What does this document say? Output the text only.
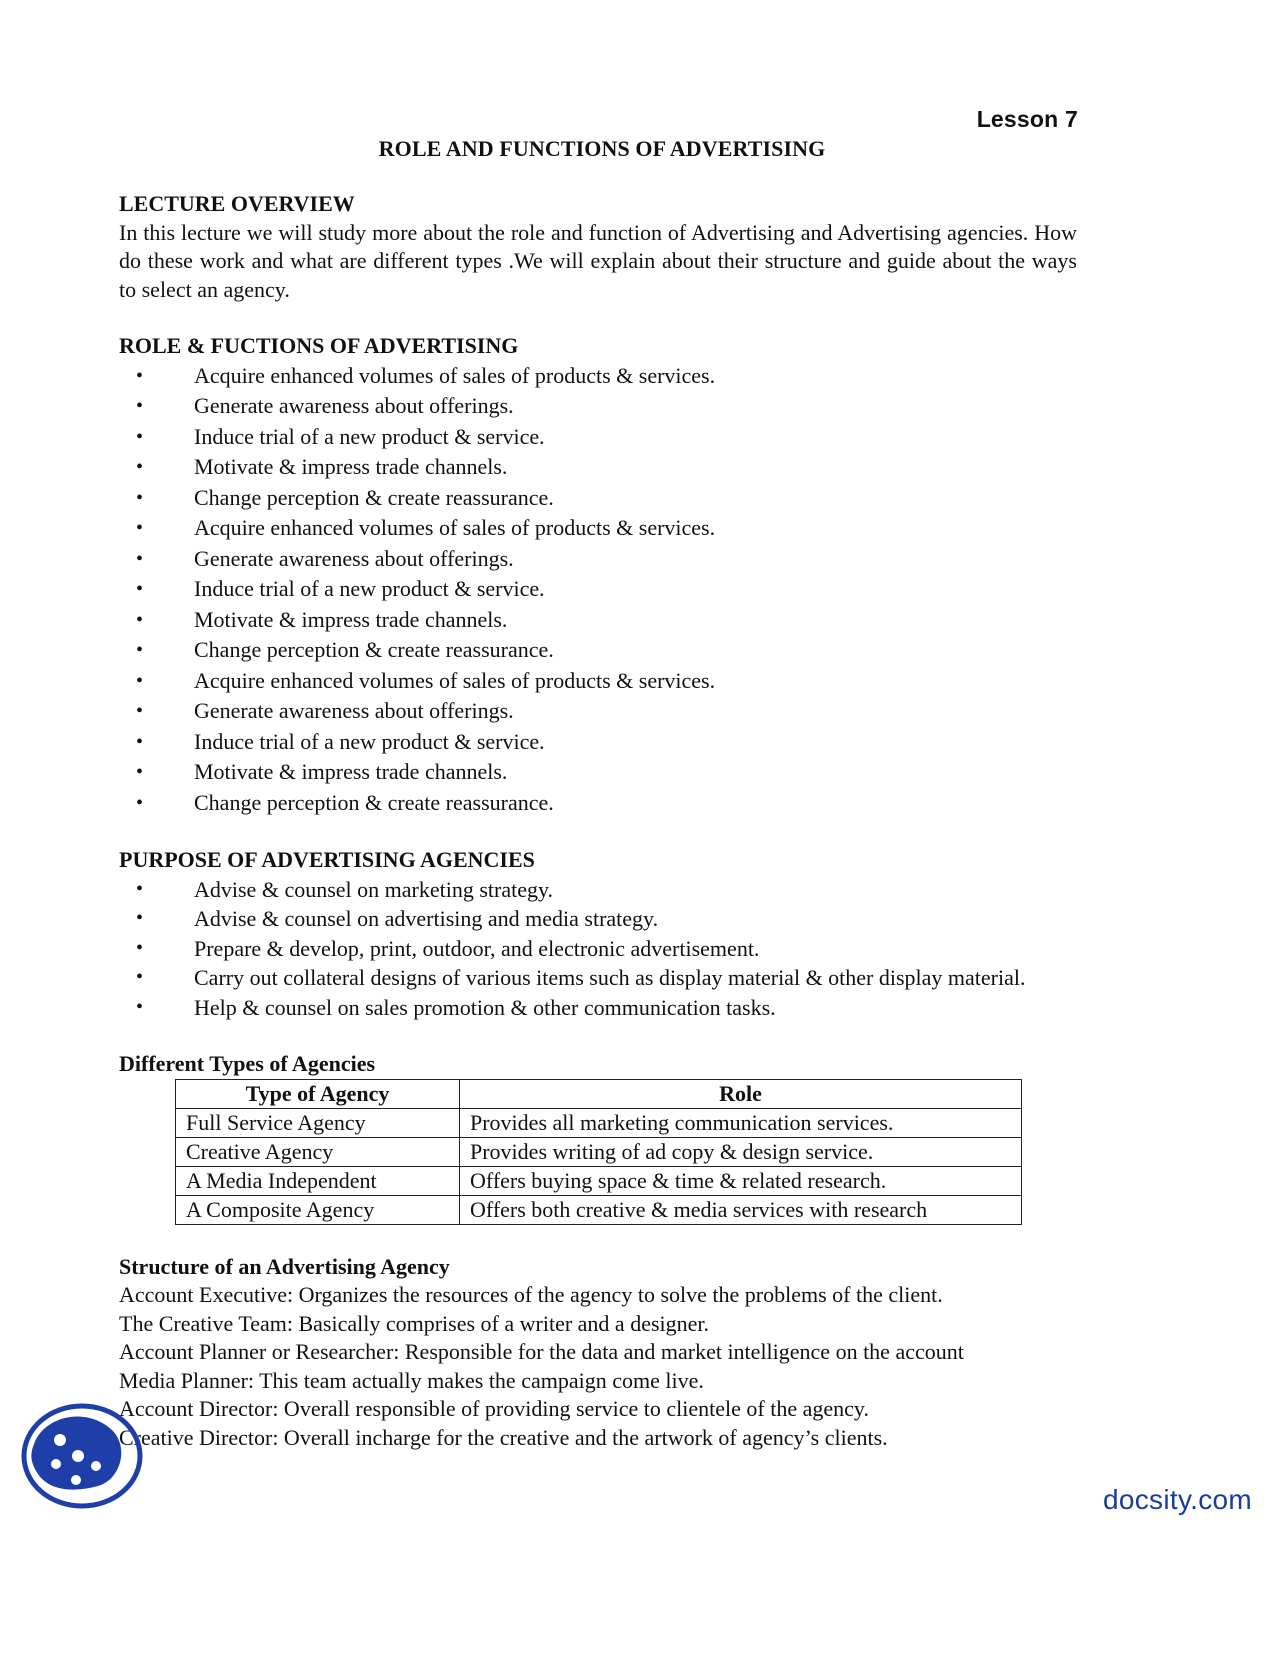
Lesson 7
ROLE AND FUNCTIONS OF ADVERTISING

LECTURE OVERVIEW

In this lecture we will study more about the role and function of Advertising and Advertising agencies. How do these work and what are different types .We will explain about their structure and guide about the ways to select an agency.

ROLE & FUCTIONS OF ADVERTISING

• Acquire enhanced volumes of sales of products & services.
• Generate awareness about offerings.
• Induce trial of a new product & service.
• Motivate & impress trade channels.
• Change perception & create reassurance.
• Acquire enhanced volumes of sales of products & services.
• Generate awareness about offerings.
• Induce trial of a new product & service.
• Motivate & impress trade channels.
• Change perception & create reassurance.
• Acquire enhanced volumes of sales of products & services.
• Generate awareness about offerings.
• Induce trial of a new product & service.
• Motivate & impress trade channels.
• Change perception & create reassurance.

PURPOSE OF ADVERTISING AGENCIES

• Advise & counsel on marketing strategy.
• Advise & counsel on advertising and media strategy.
• Prepare & develop, print, outdoor, and electronic advertisement.
• Carry out collateral designs of various items such as display material & other display material.
• Help & counsel on sales promotion & other communication tasks.

Different Types of Agencies

Type of Agency	Role
Full Service Agency	Provides all marketing communication services.
Creative Agency	Provides writing of ad copy & design service.
A Media Independent	Offers buying space & time & related research.
A Composite Agency	Offers both creative & media services with research

Structure of an Advertising Agency

Account Executive: Organizes the resources of the agency to solve the problems of the client.

The Creative Team: Basically comprises of a writer and a designer.

Account Planner or Researcher: Responsible for the data and market intelligence on the account

Media Planner: This team actually makes the campaign come live.

Account Director: Overall responsible of providing service to clientele of the agency.

Creative Director: Overall incharge for the creative and the artwork of agency’s clients.

docsity.com
